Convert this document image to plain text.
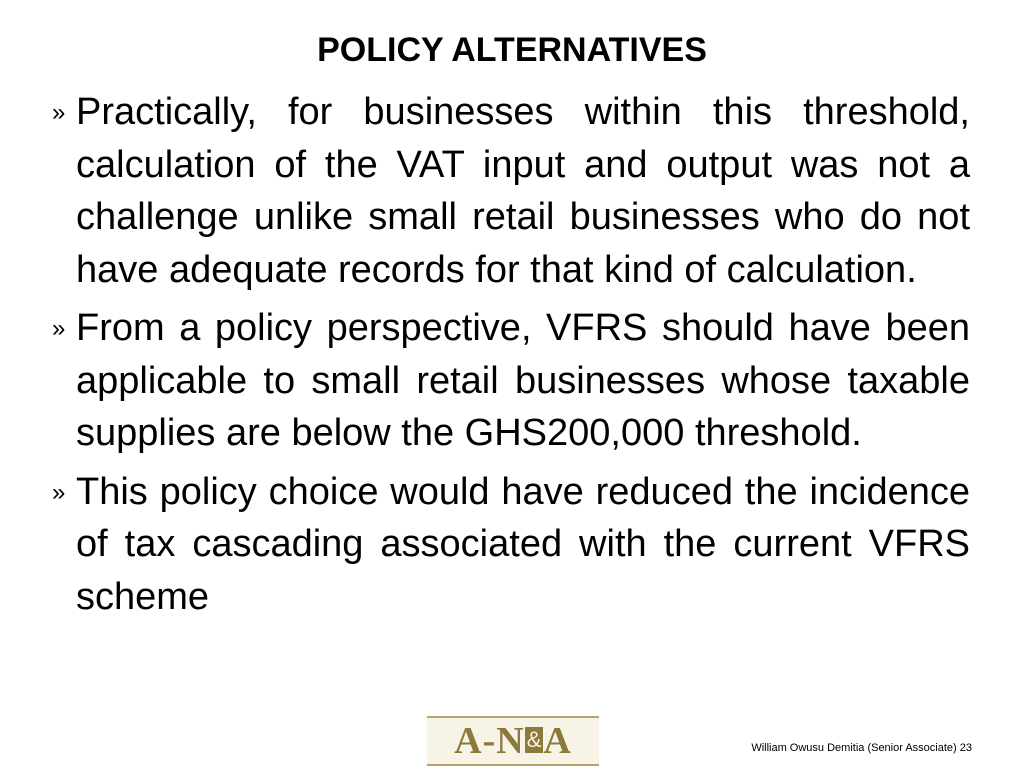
POLICY ALTERNATIVES
» Practically, for businesses within this threshold, calculation of the VAT input and output was not a challenge unlike small retail businesses who do not have adequate records for that kind of calculation.
» From a policy perspective, VFRS should have been applicable to small retail businesses whose taxable supplies are below the GHS200,000 threshold.
» This policy choice would have reduced the incidence of tax cascading associated with the current VFRS scheme
A-N&A	William Owusu Demitia (Senior Associate) 23
